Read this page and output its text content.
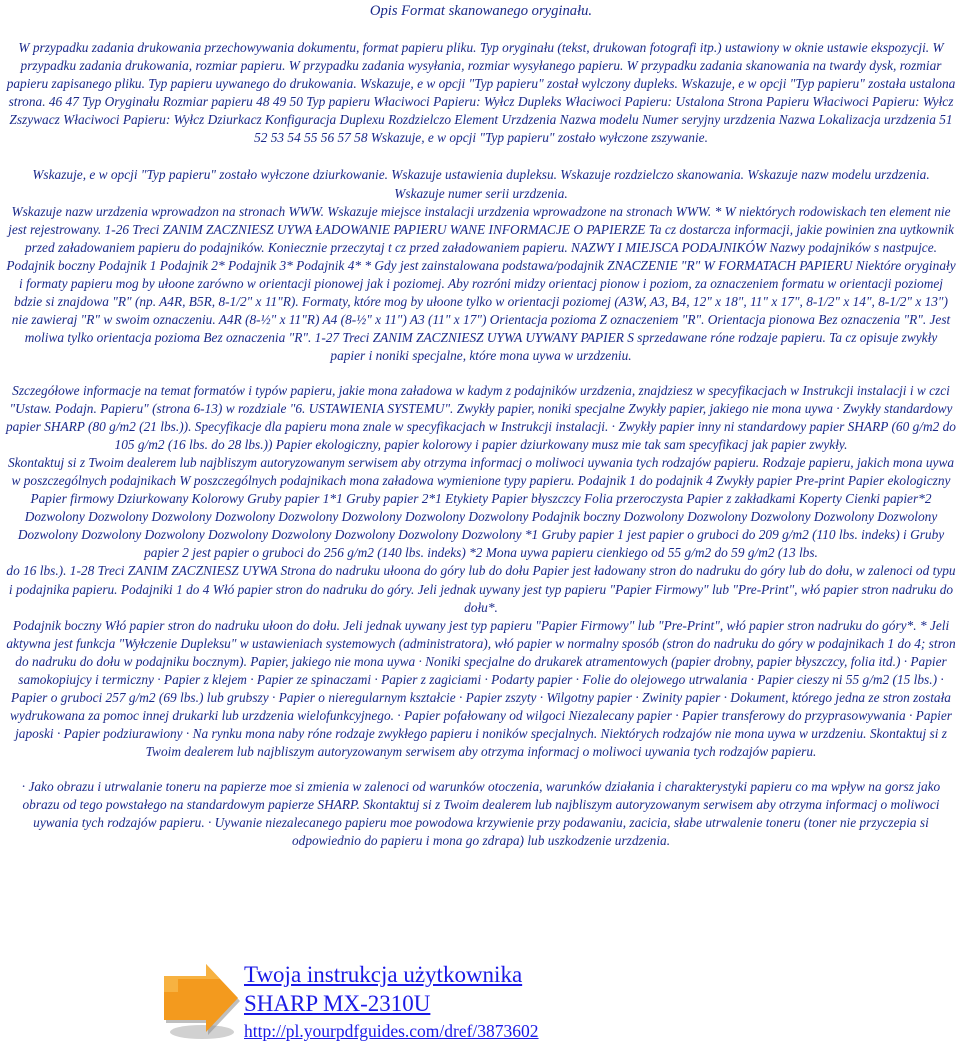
Opis Format skanowanego oryginału.

W przypadku zadania drukowania przechowywania dokumentu, format papieru pliku. Typ oryginału (tekst, drukowan fotografi itp.) ustawiony w oknie ustawie ekspozycji. W przypadku zadania drukowania, rozmiar papieru. W przypadku zadania wysyłania, rozmiar wysyłanego papieru. W przypadku zadania skanowania na twardy dysk, rozmiar papieru zapisanego pliku. Typ papieru uywanego do drukowania. Wskazuje, e w opcji "Typ papieru" został wylczony dupleks. Wskazuje, e w opcji "Typ papieru" została ustalona strona. 46 47 Typ Oryginału Rozmiar papieru 48 49 50 Typ papieru Właciwoci Papieru: Wyłcz Dupleks Właciwoci Papieru: Ustalona Strona Papieru Właciwoci Papieru: Wyłcz Zszywacz Właciwoci Papieru: Wyłcz Dziurkacz Konfiguracja Duplexu Rozdzielczo Element Urzdzenia Nazwa modelu Numer seryjny urzdzenia Nazwa Lokalizacja urzdzenia 51 52 53 54 55 56 57 58 Wskazuje, e w opcji "Typ papieru" zostało wyłczone zszywanie.

Wskazuje, e w opcji "Typ papieru" zostało wyłczone dziurkowanie. Wskazuje ustawienia dupleksu. Wskazuje rozdzielczo skanowania. Wskazuje nazw modelu urzdzenia. Wskazuje numer serii urzdzenia.

Wskazuje nazw urzdzenia wprowadzon na stronach WWW. Wskazuje miejsce instalacji urzdzenia wprowadzone na stronach WWW. * W niektórych rodowiskach ten element nie jest rejestrowany. 1-26 Treci ZANIM ZACZNIESZ UYWA ŁADOWANIE PAPIERU WANE INFORMACJE O PAPIERZE Ta cz dostarcza informacji, jakie powinien zna uytkownik przed załadowaniem papieru do podajników. Koniecznie przeczytaj t cz przed załadowaniem papieru. NAZWY I MIEJSCA PODAJNIKÓW Nazwy podajników s nastpujce. Podajnik boczny Podajnik 1 Podajnik 2* Podajnik 3* Podajnik 4* * Gdy jest zainstalowana podstawa/podajnik ZNACZENIE "R" W FORMATACH PAPIERU Niektóre oryginały i formaty papieru mog by ułoone zarówno w orientacji pionowej jak i poziomej. Aby rozróni midzy orientacj pionow i poziom, za oznaczeniem formatu w orientacji poziomej bdzie si znajdowa "R" (np. A4R, B5R, 8-1/2" x 11"R). Formaty, które mog by ułoone tylko w orientacji poziomej (A3W, A3, B4, 12" x 18", 11" x 17", 8-1/2" x 14", 8-1/2" x 13") nie zawieraj "R" w swoim oznaczeniu. A4R (8-½" x 11"R) A4 (8-½" x 11") A3 (11" x 17") Orientacja pozioma Z oznaczeniem "R". Orientacja pionowa Bez oznaczenia "R". Jest moliwa tylko orientacja pozioma Bez oznaczenia "R". 1-27 Treci ZANIM ZACZNIESZ UYWA UYWANY PAPIER S sprzedawane róne rodzaje papieru. Ta cz opisuje zwykły papier i noniki specjalne, które mona uywa w urzdzeniu.

Szczegółowe informacje na temat formatów i typów papieru, jakie mona załadowa w kadym z podajników urzdzenia, znajdziesz w specyfikacjach w Instrukcji instalacji i w czci "Ustaw. Podajn. Papieru" (strona 6-13) w rozdziale "6. USTAWIENIA SYSTEMU". Zwykły papier, noniki specjalne Zwykły papier, jakiego nie mona uywa · Zwykły standardowy papier SHARP (80 g/m2 (21 lbs.)). Specyfikacje dla papieru mona znale w specyfikacjach w Instrukcji instalacji. · Zwykły papier inny ni standardowy papier SHARP (60 g/m2 do 105 g/m2 (16 lbs. do 28 lbs.)) Papier ekologiczny, papier kolorowy i papier dziurkowany musz mie tak sam specyfikacj jak papier zwykły.

Skontaktuj si z Twoim dealerem lub najbliszym autoryzowanym serwisem aby otrzyma informacj o moliwoci uywania tych rodzajów papieru. Rodzaje papieru, jakich mona uywa w poszczególnych podajnikach W poszczególnych podajnikach mona załadowa wymienione typy papieru. Podajnik 1 do podajnik 4 Zwykły papier Pre-print Papier ekologiczny Papier firmowy Dziurkowany Kolorowy Gruby papier 1*1 Gruby papier 2*1 Etykiety Papier błyszczcy Folia przeroczysta Papier z zakładkami Koperty Cienki papier*2 Dozwolony Dozwolony Dozwolony Dozwolony Dozwolony Dozwolony Dozwolony Dozwolony Podajnik boczny Dozwolony Dozwolony Dozwolony Dozwolony Dozwolony Dozwolony Dozwolony Dozwolony Dozwolony Dozwolony Dozwolony Dozwolony Dozwolony *1 Gruby papier 1 jest papier o gruboci do 209 g/m2 (110 lbs. indeks) i Gruby papier 2 jest papier o gruboci do 256 g/m2 (140 lbs. indeks) *2 Mona uywa papieru cienkiego od 55 g/m2 do 59 g/m2 (13 lbs.

do 16 lbs.). 1-28 Treci ZANIM ZACZNIESZ UYWA Strona do nadruku ułoona do góry lub do dołu Papier jest ładowany stron do nadruku do góry lub do dołu, w zalenoci od typu i podajnika papieru. Podajniki 1 do 4 Włó papier stron do nadruku do góry. Jeli jednak uywany jest typ papieru "Papier Firmowy" lub "Pre-Print", włó papier stron nadruku do dołu*.

Podajnik boczny Włó papier stron do nadruku ułoon do dołu. Jeli jednak uywany jest typ papieru "Papier Firmowy" lub "Pre-Print", włó papier stron nadruku do góry*. * Jeli aktywna jest funkcja "Wyłczenie Dupleksu" w ustawieniach systemowych (administratora), włó papier w normalny sposób (stron do nadruku do góry w podajnikach 1 do 4; stron do nadruku do dołu w podajniku bocznym). Papier, jakiego nie mona uywa · Noniki specjalne do drukarek atramentowych (papier drobny, papier błyszczcy, folia itd.) · Papier samokopiujcy i termiczny · Papier z klejem · Papier ze spinaczami · Papier z zagiciami · Podarty papier · Folie do olejowego utrwalania · Papier cieszy ni 55 g/m2 (15 lbs.) · Papier o gruboci 257 g/m2 (69 lbs.) lub grubszy · Papier o nieregularnym kształcie · Papier zszyty · Wilgotny papier · Zwinity papier · Dokument, którego jedna ze stron została wydrukowana za pomoc innej drukarki lub urzdzenia wielofunkcyjnego. · Papier pofałowany od wilgoci Niezalecany papier · Papier transferowy do przyprasowywania · Papier japoski · Papier podziurawiony · Na rynku mona naby róne rodzaje zwykłego papieru i noników specjalnych. Niektórych rodzajów nie mona uywa w urzdzeniu. Skontaktuj si z Twoim dealerem lub najbliszym autoryzowanym serwisem aby otrzyma informacj o moliwoci uywania tych rodzajów papieru.

· Jako obrazu i utrwalanie toneru na papierze moe si zmienia w zalenoci od warunków otoczenia, warunków działania i charakterystyki papieru co ma wpływ na gorsz jako obrazu od tego powstałego na standardowym papierze SHARP. Skontaktuj si z Twoim dealerem lub najbliszym autoryzowanym serwisem aby otrzyma informacj o moliwoci uywania tych rodzajów papieru. · Uywanie niezalecanego papieru moe powodowa krzywienie przy podawaniu, zacicia, słabe utrwalenie toneru (toner nie przyczepia si odpowiednio do papieru i mona go zdrapa) lub uszkodzenie urzdzenia.

Twoja instrukcja użytkownika
SHARP MX-2310U
http://pl.yourpdfguides.com/dref/3873602
